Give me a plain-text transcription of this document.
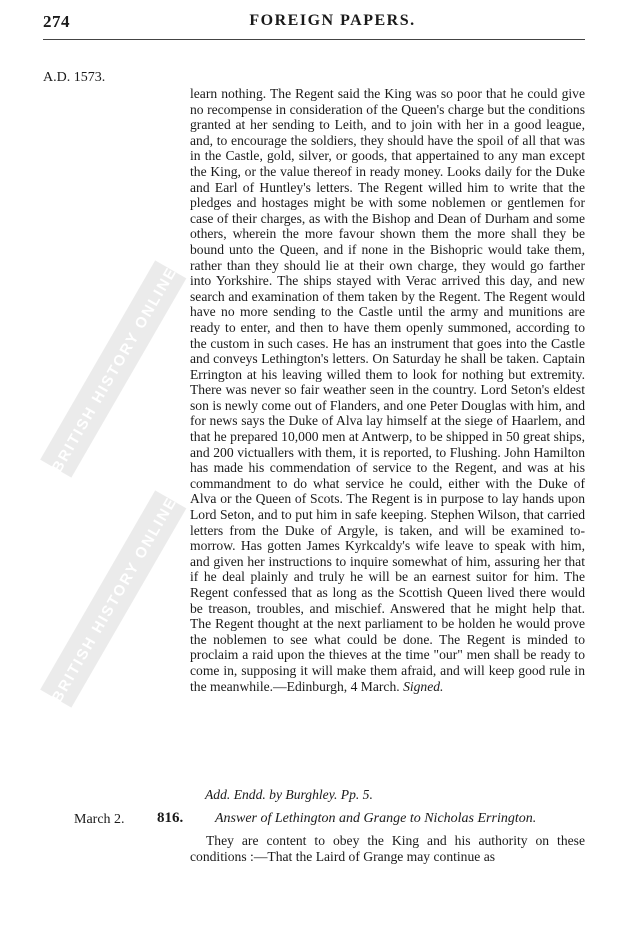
274	FOREIGN PAPERS.
A.D. 1573.

learn nothing. The Regent said the King was so poor that he could give no recompense in consideration of the Queen's charge but the conditions granted at her sending to Leith, and to join with her in a good league, and, to encourage the soldiers, they should have the spoil of all that was in the Castle, gold, silver, or goods, that appertained to any man except the King, or the value thereof in ready money. Looks daily for the Duke and Earl of Huntley's letters. The Regent willed him to write that the pledges and hostages might be with some noblemen or gentlemen for case of their charges, as with the Bishop and Dean of Durham and some others, wherein the more favour shown them the more shall they be bound unto the Queen, and if none in the Bishopric would take them, rather than they should lie at their own charge, they would go farther into Yorkshire. The ships stayed with Verac arrived this day, and new search and examination of them taken by the Regent. The Regent would have no more sending to the Castle until the army and munitions are ready to enter, and then to have them openly summoned, according to the custom in such cases. He has an instrument that goes into the Castle and conveys Lethington's letters. On Saturday he shall be taken. Captain Errington at his leaving willed them to look for nothing but extremity. There was never so fair weather seen in the country. Lord Seton's eldest son is newly come out of Flanders, and one Peter Douglas with him, and for news says the Duke of Alva lay himself at the siege of Haarlem, and that he prepared 10,000 men at Antwerp, to be shipped in 50 great ships, and 200 victuallers with them, it is reported, to Flushing. John Hamilton has made his commendation of service to the Regent, and was at his commandment to do what service he could, either with the Duke of Alva or the Queen of Scots. The Regent is in purpose to lay hands upon Lord Seton, and to put him in safe keeping. Stephen Wilson, that carried letters from the Duke of Argyle, is taken, and will be examined to-morrow. Has gotten James Kyrkcaldy's wife leave to speak with him, and given her instructions to inquire somewhat of him, assuring her that if he deal plainly and truly he will be an earnest suitor for him. The Regent confessed that as long as the Scottish Queen lived there would be treason, troubles, and mischief. Answered that he might help that. The Regent thought at the next parliament to be holden he would prove the noblemen to see what could be done. The Regent is minded to proclaim a raid upon the thieves at the time "our" men shall be ready to come in, supposing it will make them afraid, and will keep good rule in the meanwhile.—Edinburgh, 4 March. Signed.

Add. Endd. by Burghley. Pp. 5.
March 2. 816. Answer of Lethington and Grange to Nicholas Errington.
They are content to obey the King and his authority on these conditions :—That the Laird of Grange may continue as
BRITISH HISTORY ONLINE
BRITISH HISTORY ONLINE
